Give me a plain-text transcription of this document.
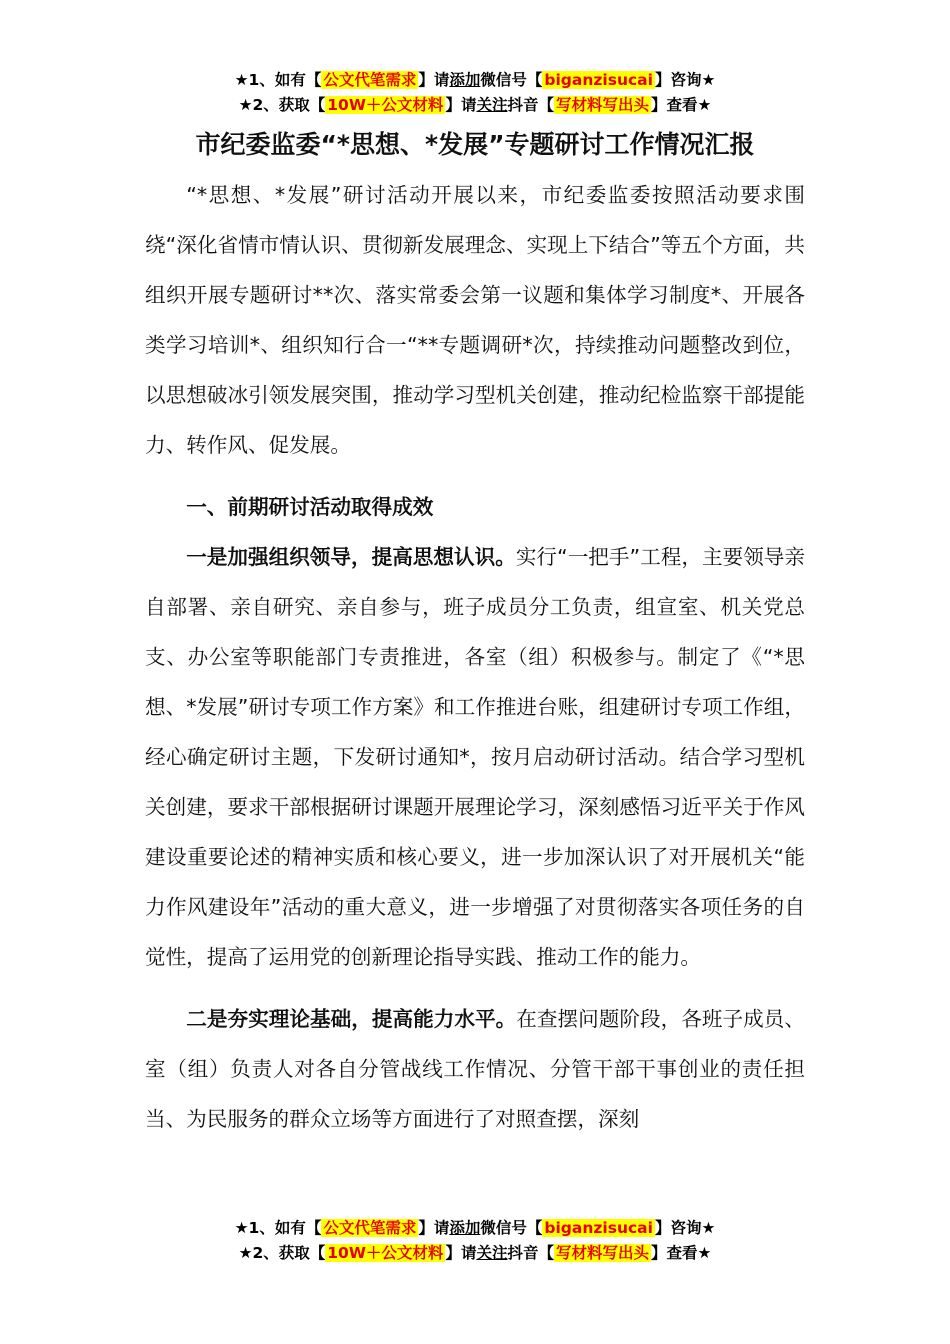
★1、如有【 公文代笔需求 】请添加微信号【 biganzisucai 】咨询★
★2、获取【 10W＋公文材料 】请关注抖音【 写材料写出头 】查看★
市纪委监委“*思想、*发展”专题研讨工作情况汇报

“*思想、*发展”研讨活动开展以来，市纪委监委按照活动要求围绕“深化省情市情认识、贯彻新发展理念、实现上下结合”等五个方面，共组织开展专题研讨**次、落实常委会第一议题和集体学习制度*、开展各类学习培训*、组织知行合一“**专题调研*次，持续推动问题整改到位，以思想破冰引领发展突围，推动学习型机关创建，推动纪检监察干部提能力、转作风、促发展。

一、前期研讨活动取得成效

一是加强组织领导，提高思想认识。实行“一把手”工程，主要领导亲自部署、亲自研究、亲自参与，班子成员分工负责，组宣室、机关党总支、办公室等职能部门专责推进，各室（组）积极参与。制定了《“*思想、*发展”研讨专项工作方案》和工作推进台账，组建研讨专项工作组，经心确定研讨主题，下发研讨通知*，按月启动研讨活动。结合学习型机关创建，要求干部根据研讨课题开展理论学习，深刻感悟习近平关于作风建设重要论述的精神实质和核心要义，进一步加深认识了对开展机关“能力作风建设年”活动的重大意义，进一步增强了对贯彻落实各项任务的自觉性，提高了运用党的创新理论指导实践、推动工作的能力。

二是夯实理论基础，提高能力水平。在查摆问题阶段，各班子成员、室（组）负责人对各自分管战线工作情况、分管干部干事创业的责任担当、为民服务的群众立场等方面进行了对照查摆，深刻

★1、如有【 公文代笔需求 】请添加微信号【 biganzisucai 】咨询★
★2、获取【 10W＋公文材料 】请关注抖音【 写材料写出头 】查看★
